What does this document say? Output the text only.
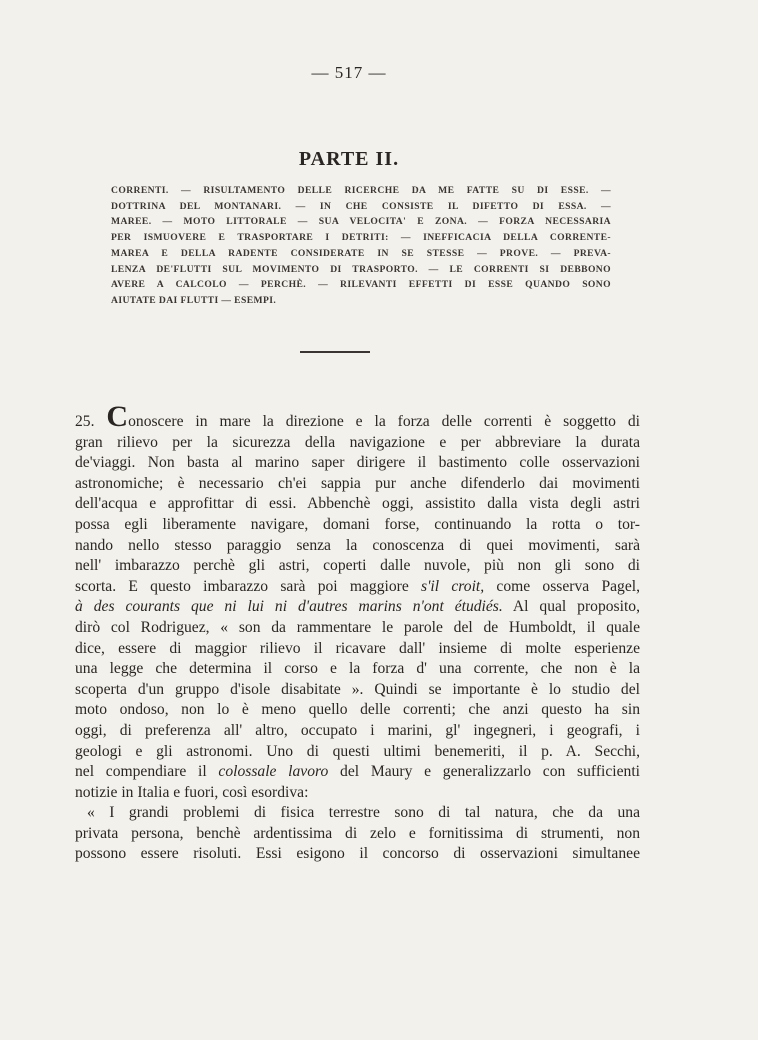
— 517 —
PARTE II.
CORRENTI. — RISULTAMENTO DELLE RICERCHE DA ME FATTE SU DI ESSE. —
DOTTRINA DEL MONTANARI. — IN CHE CONSISTE IL DIFETTO DI ESSA. —
MAREE. — MOTO LITTORALE — SUA VELOCITA' E ZONA. — FORZA NECESSARIA
PER ISMUOVERE E TRASPORTARE I DETRITI: — INEFFICACIA DELLA CORRENTE-
MAREA E DELLA RADENTE CONSIDERATE IN SE STESSE — PROVE. — PREVA-
LENZA DE'FLUTTI SUL MOVIMENTO DI TRASPORTO. — LE CORRENTI SI DEBBONO
AVERE A CALCOLO — PERCHÈ. — RILEVANTI EFFETTI DI ESSE QUANDO SONO
AIUTATE DAI FLUTTI — ESEMPI.
25. Conoscere in mare la direzione e la forza delle correnti è soggetto di
gran rilievo per la sicurezza della navigazione e per abbreviare la durata
de'viaggi. Non basta al marino saper dirigere il bastimento colle osservazioni
astronomiche; è necessario ch'ei sappia pur anche difenderlo dai movimenti
dell'acqua e approfittar di essi. Abbenchè oggi, assistito dalla vista degli astri
possa egli liberamente navigare, domani forse, continuando la rotta o tor-
nando nello stesso paraggio senza la conoscenza di quei movimenti, sarà
nell' imbarazzo perchè gli astri, coperti dalle nuvole, più non gli sono di
scorta. E questo imbarazzo sarà poi maggiore s'il croit, come osserva Pagel,
à des courants que ni lui ni d'autres marins n'ont étudiés. Al qual proposito,
dirò col Rodriguez, « son da rammentare le parole del de Humboldt, il quale
dice, essere di maggior rilievo il ricavare dall' insieme di molte esperienze
una legge che determina il corso e la forza d' una corrente, che non è la
scoperta d'un gruppo d'isole disabitate ». Quindi se importante è lo studio del
moto ondoso, non lo è meno quello delle correnti; che anzi questo ha sin
oggi, di preferenza all' altro, occupato i marini, gl' ingegneri, i geografi, i
geologi e gli astronomi. Uno di questi ultimi benemeriti, il p. A. Secchi,
nel compendiare il colossale lavoro del Maury e generalizzarlo con sufficienti
notizie in Italia e fuori, così esordiva:
« I grandi problemi di fisica terrestre sono di tal natura, che da una
privata persona, benchè ardentissima di zelo e fornitissima di strumenti, non
possono essere risoluti. Essi esigono il concorso di osservazioni simultanee
